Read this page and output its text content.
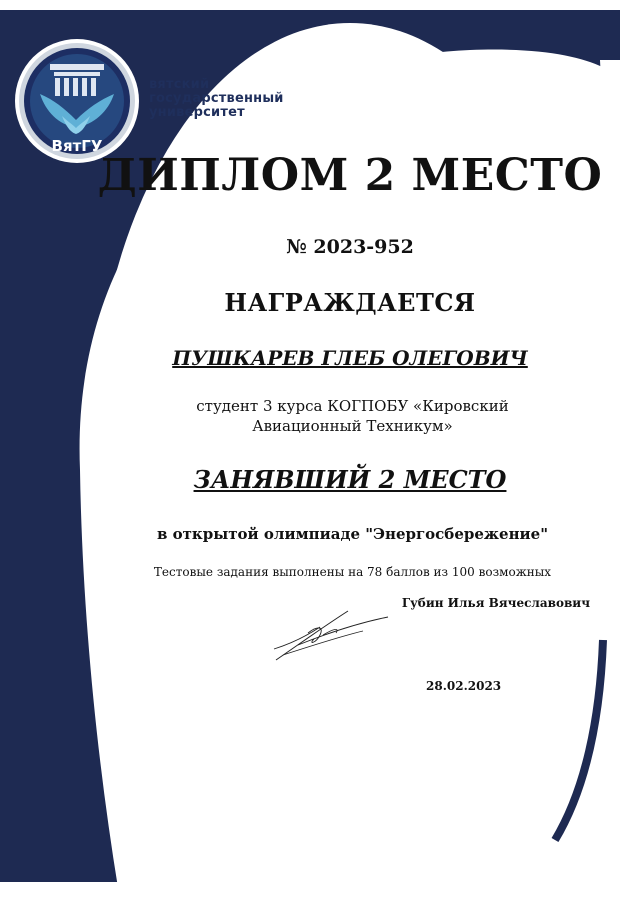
ВятГУ
вятский
государственный
университет
ДИПЛОМ 2 МЕСТО
№ 2023-952
НАГРАЖДАЕТСЯ
ПУШКАРЕВ ГЛЕБ ОЛЕГОВИЧ
студент 3 курса КОГПОБУ «Кировский Авиационный Техникум»
ЗАНЯВШИЙ 2 МЕСТО
в открытой олимпиаде "Энергосбережение"
Тестовые задания выполнены на 78 баллов из 100 возможных
Губин Илья Вячеславович
28.02.2023
